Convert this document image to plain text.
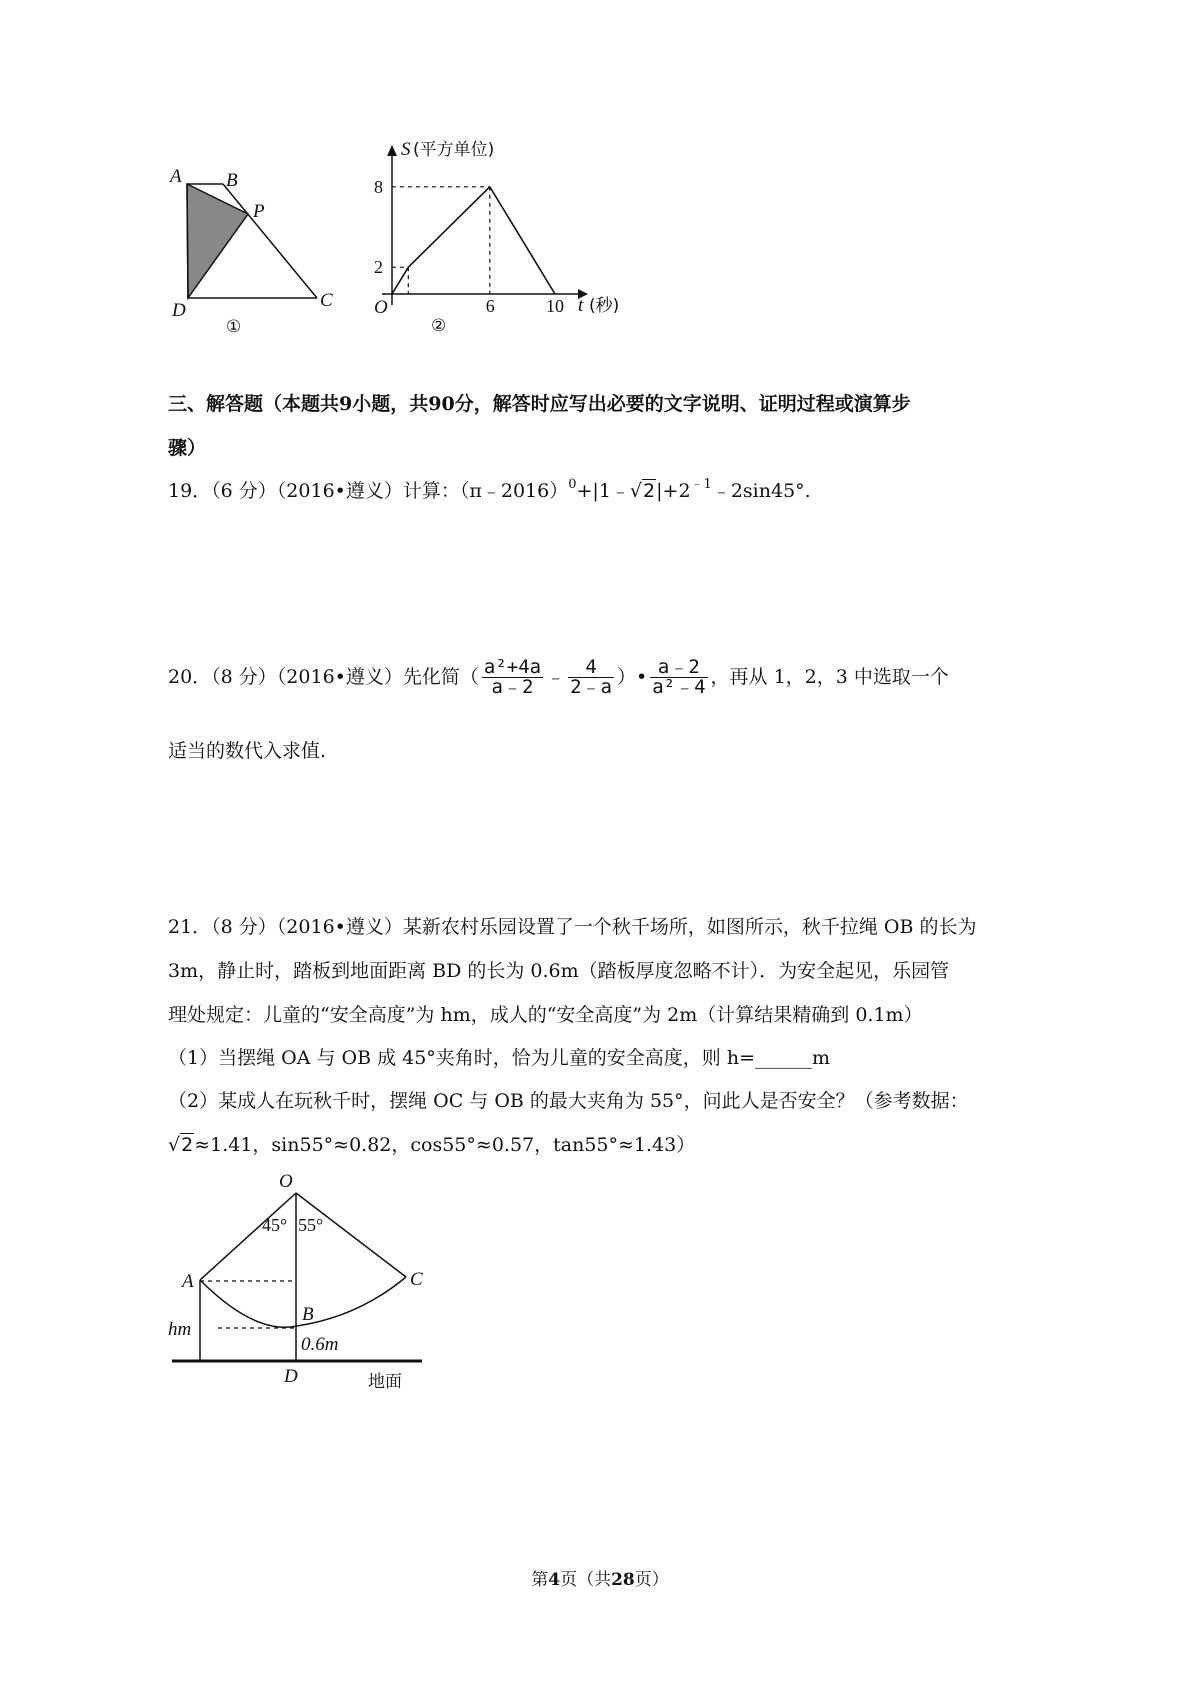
A B
P
C
D
①
S (平方单位)
t (秒)
O
②
2
8
6	10
三、解答题（本题共9小题，共90分，解答时应写出必要的文字说明、证明过程或演算步
骤）
19．（6 分）（2016•遵义）计算：$(\pi﹣2016)^0+|1﹣√2|+2^{﹣1}﹣2\sin 45^\circ$.
20．（8 分）（2016•遵义）先化简（ $\frac{\text{a²+4a}}{a﹣2}$ ﹣ $\frac{4}{2﹣a}$ ）• $\frac{a﹣2}{\text{a²﹣4}}$ ，再从 1，2，3 中选取一个
适当的数代入求值.
21．（8 分）（2016•遵义）某新农村乐园设置了一个秋千场所，如图所示，秋千拉绳 OB 的长为
3m，静止时，踏板到地面距离 BD 的长为 0.6m（踏板厚度忽略不计）．为安全起见，乐园管
理处规定：儿童的“安全高度”为 hm，成人的“安全高度”为 2m（计算结果精确到 0.1m）
（1）当摆绳 OA 与 OB 成 45°夹角时，恰为儿童的安全高度，则 h=______m
（2）某成人在玩秋千时，摆绳 OC 与 OB 的最大夹角为 55°，问此人是否安全？（参考数据：
√2≈1.41，sin55°≈0.82，cos55°≈0.57，tan55°≈1.43）
O
45° 55°
A	C
B
hm
0.6m
D	地面
第4页（共28页）
